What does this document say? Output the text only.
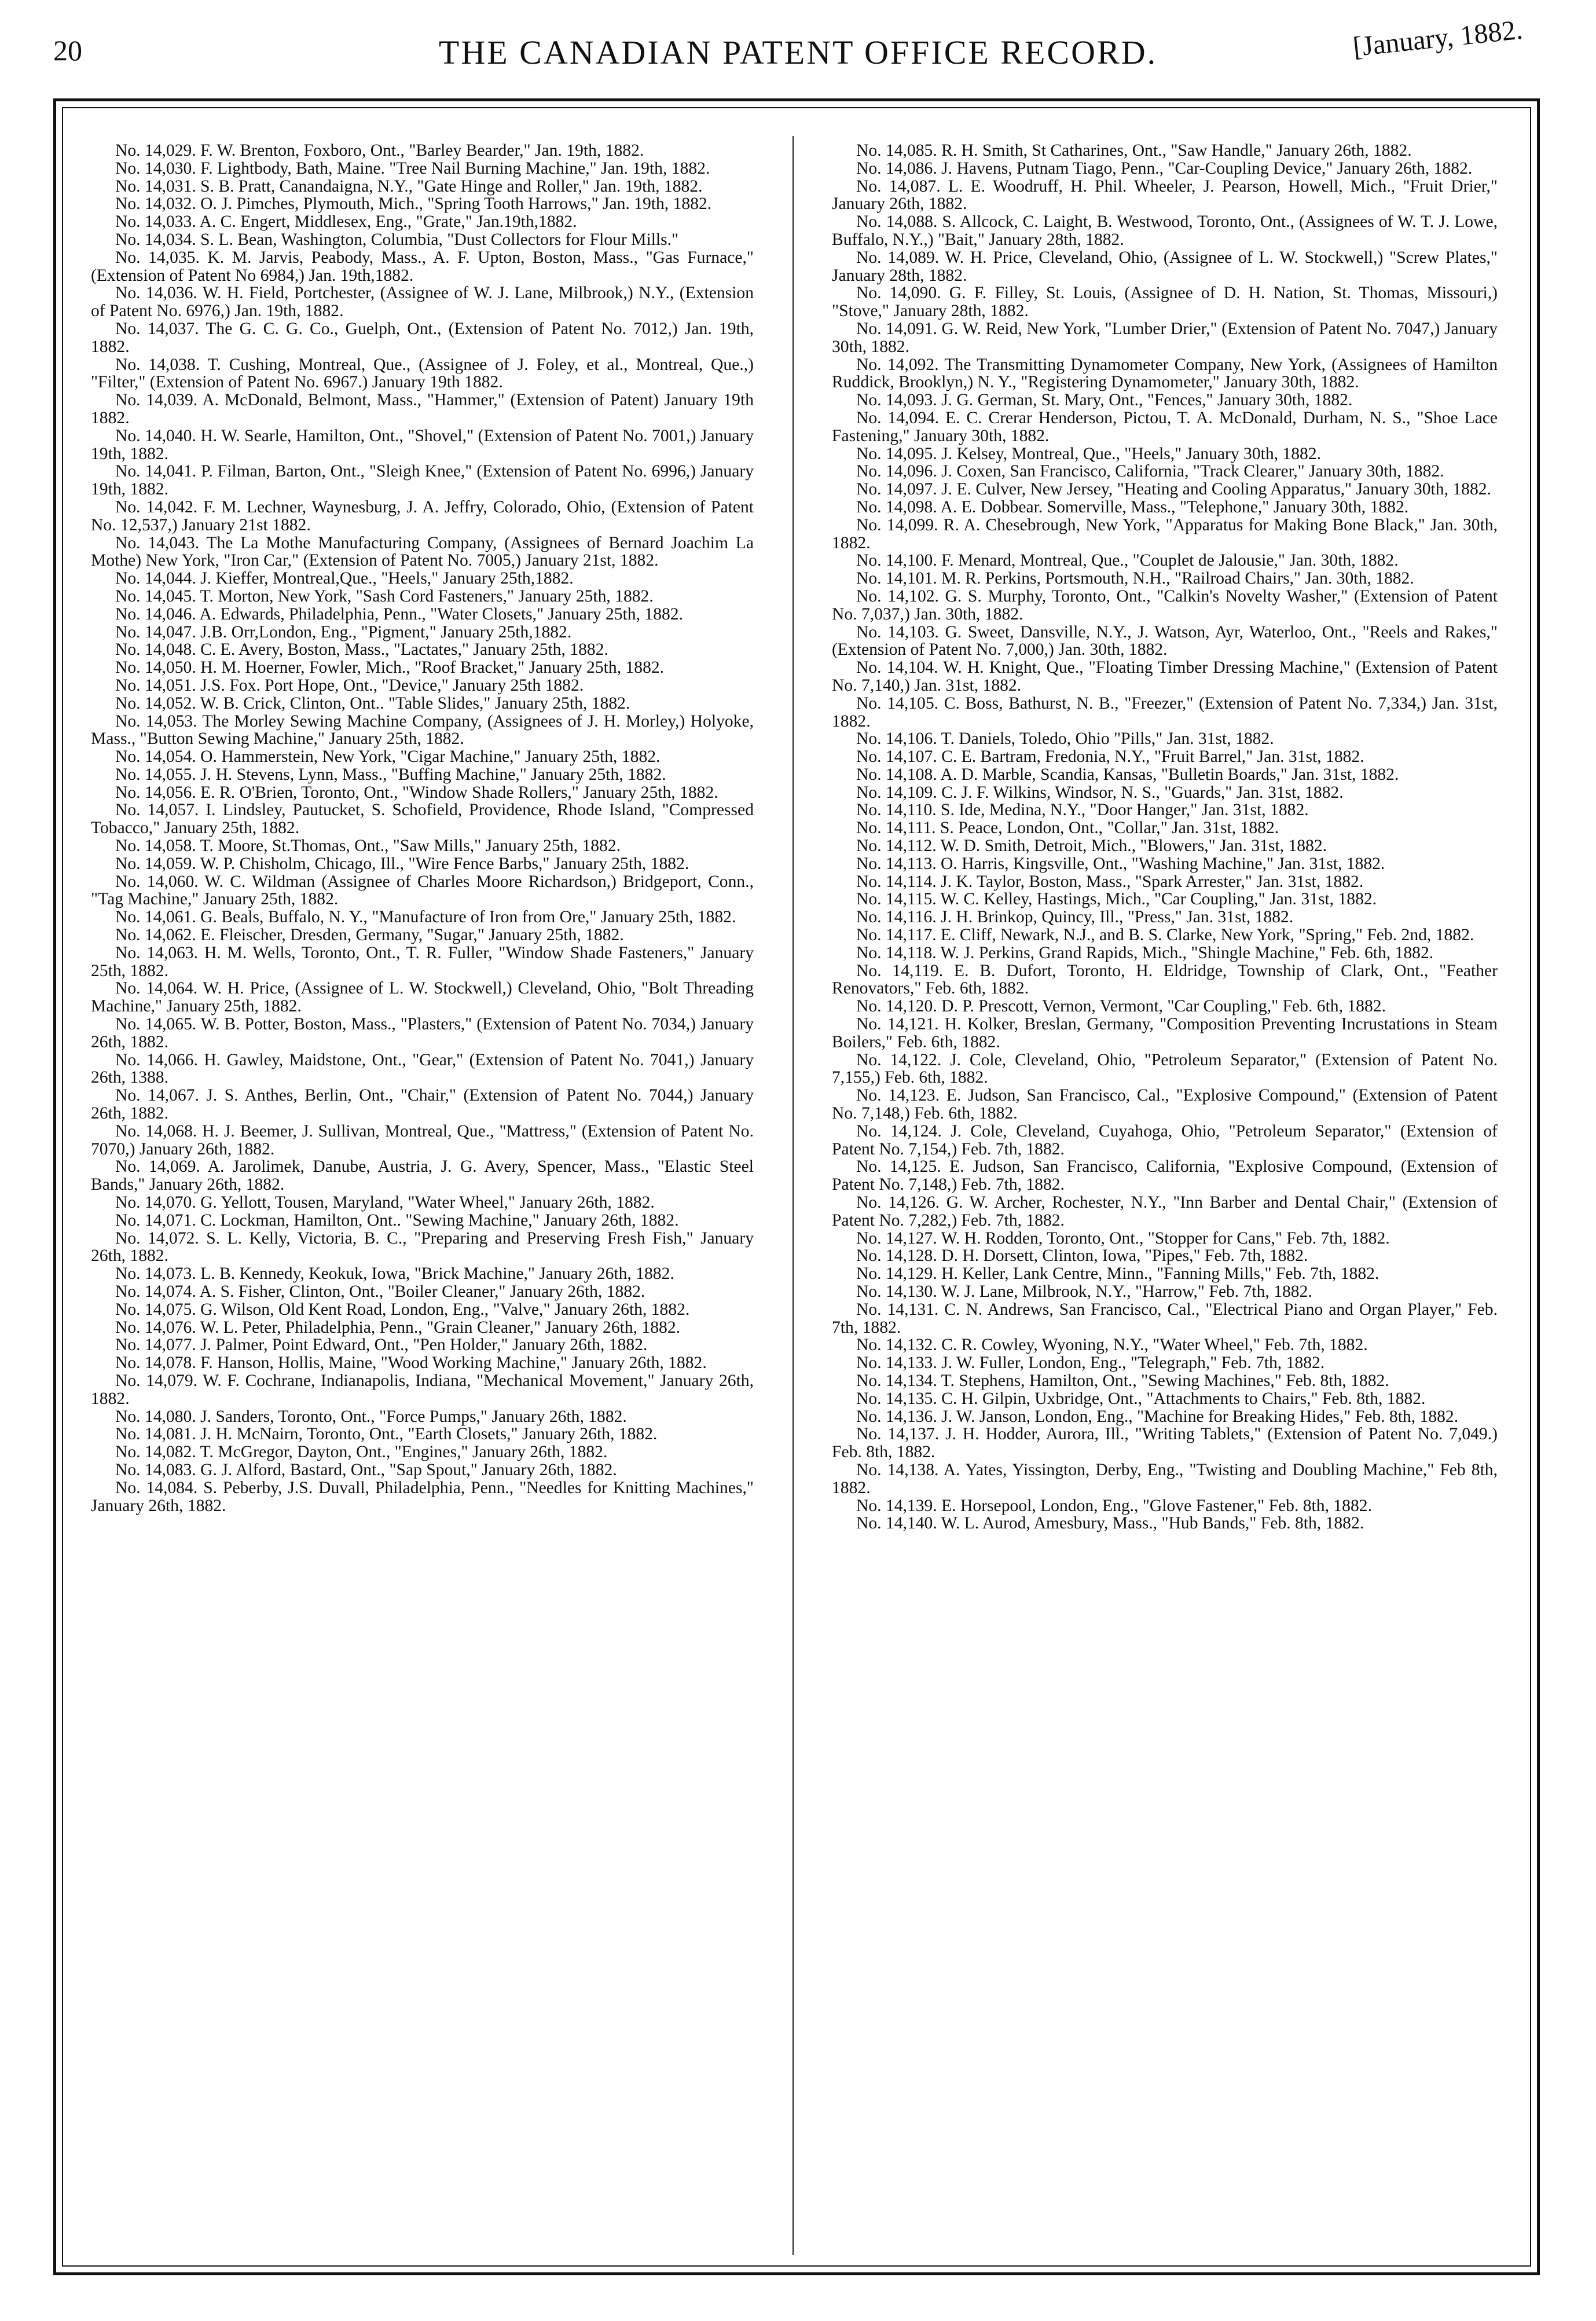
20	THE CANADIAN PATENT OFFICE RECORD.	[January, 1882.

No. 14,029. F. W. Brenton, Foxboro, Ont., "Barley Bearder," Jan. 19th, 1882.

No. 14,030. F. Lightbody, Bath, Maine. "Tree Nail Burning Machine," Jan. 19th, 1882.

No. 14,031. S. B. Pratt, Canandaigna, N.Y., "Gate Hinge and Roller," Jan. 19th, 1882.

No. 14,032. O. J. Pimches, Plymouth, Mich., "Spring Tooth Harrows," Jan. 19th, 1882.

No. 14,033. A. C. Engert, Middlesex, Eng., "Grate," Jan.19th,1882.

No. 14,034. S. L. Bean, Washington, Columbia, "Dust Collectors for Flour Mills."

No. 14,035. K. M. Jarvis, Peabody, Mass., A. F. Upton, Boston, Mass., "Gas Furnace," (Extension of Patent No 6984,) Jan. 19th,1882.

No. 14,036. W. H. Field, Portchester, (Assignee of W. J. Lane, Milbrook,) N.Y., (Extension of Patent No. 6976,) Jan. 19th, 1882.

No. 14,037. The G. C. G. Co., Guelph, Ont., (Extension of Patent No. 7012,) Jan. 19th, 1882.

No. 14,038. T. Cushing, Montreal, Que., (Assignee of J. Foley, et al., Montreal, Que.,) "Filter," (Extension of Patent No. 6967.) January 19th 1882.

No. 14,039. A. McDonald, Belmont, Mass., "Hammer," (Extension of Patent) January 19th 1882.

No. 14,040. H. W. Searle, Hamilton, Ont., "Shovel," (Extension of Patent No. 7001,) January 19th, 1882.

No. 14,041. P. Filman, Barton, Ont., "Sleigh Knee," (Extension of Patent No. 6996,) January 19th, 1882.

No. 14,042. F. M. Lechner, Waynesburg, J. A. Jeffry, Colorado, Ohio, (Extension of Patent No. 12,537,) January 21st 1882.

No. 14,043. The La Mothe Manufacturing Company, (Assignees of Bernard Joachim La Mothe) New York, "Iron Car," (Extension of Patent No. 7005,) January 21st, 1882.

No. 14,044. J. Kieffer, Montreal,Que., "Heels," January 25th,1882.

No. 14,045. T. Morton, New York, "Sash Cord Fasteners," January 25th, 1882.

No. 14,046. A. Edwards, Philadelphia, Penn., "Water Closets," January 25th, 1882.

No. 14,047. J.B. Orr,London, Eng., "Pigment," January 25th,1882.

No. 14,048. C. E. Avery, Boston, Mass., "Lactates," January 25th, 1882.

No. 14,050. H. M. Hoerner, Fowler, Mich., "Roof Bracket," January 25th, 1882.

No. 14,051. J.S. Fox. Port Hope, Ont., "Device," January 25th 1882.

No. 14,052. W. B. Crick, Clinton, Ont.. "Table Slides," January 25th, 1882.

No. 14,053. The Morley Sewing Machine Company, (Assignees of J. H. Morley,) Holyoke, Mass., "Button Sewing Machine," January 25th, 1882.

No. 14,054. O. Hammerstein, New York, "Cigar Machine," January 25th, 1882.

No. 14,055. J. H. Stevens, Lynn, Mass., "Buffing Machine," January 25th, 1882.

No. 14,056. E. R. O'Brien, Toronto, Ont., "Window Shade Rollers," January 25th, 1882.

No. 14,057. I. Lindsley, Pautucket, S. Schofield, Providence, Rhode Island, "Compressed Tobacco," January 25th, 1882.

No. 14,058. T. Moore, St.Thomas, Ont., "Saw Mills," January 25th, 1882.

No. 14,059. W. P. Chisholm, Chicago, Ill., "Wire Fence Barbs," January 25th, 1882.

No. 14,060. W. C. Wildman (Assignee of Charles Moore Richardson,) Bridgeport, Conn., "Tag Machine," January 25th, 1882.

No. 14,061. G. Beals, Buffalo, N. Y., "Manufacture of Iron from Ore," January 25th, 1882.

No. 14,062. E. Fleischer, Dresden, Germany, "Sugar," January 25th, 1882.

No. 14,063. H. M. Wells, Toronto, Ont., T. R. Fuller, "Window Shade Fasteners," January 25th, 1882.

No. 14,064. W. H. Price, (Assignee of L. W. Stockwell,) Cleveland, Ohio, "Bolt Threading Machine," January 25th, 1882.

No. 14,065. W. B. Potter, Boston, Mass., "Plasters," (Extension of Patent No. 7034,) January 26th, 1882.

No. 14,066. H. Gawley, Maidstone, Ont., "Gear," (Extension of Patent No. 7041,) January 26th, 1388.

No. 14,067. J. S. Anthes, Berlin, Ont., "Chair," (Extension of Patent No. 7044,) January 26th, 1882.

No. 14,068. H. J. Beemer, J. Sullivan, Montreal, Que., "Mattress," (Extension of Patent No. 7070,) January 26th, 1882.

No. 14,069. A. Jarolimek, Danube, Austria, J. G. Avery, Spencer, Mass., "Elastic Steel Bands," January 26th, 1882.

No. 14,070. G. Yellott, Tousen, Maryland, "Water Wheel," January 26th, 1882.

No. 14,071. C. Lockman, Hamilton, Ont.. "Sewing Machine," January 26th, 1882.

No. 14,072. S. L. Kelly, Victoria, B. C., "Preparing and Preserving Fresh Fish," January 26th, 1882.

No. 14,073. L. B. Kennedy, Keokuk, Iowa, "Brick Machine," January 26th, 1882.

No. 14,074. A. S. Fisher, Clinton, Ont., "Boiler Cleaner," January 26th, 1882.

No. 14,075. G. Wilson, Old Kent Road, London, Eng., "Valve," January 26th, 1882.

No. 14,076. W. L. Peter, Philadelphia, Penn., "Grain Cleaner," January 26th, 1882.

No. 14,077. J. Palmer, Point Edward, Ont., "Pen Holder," January 26th, 1882.

No. 14,078. F. Hanson, Hollis, Maine, "Wood Working Machine," January 26th, 1882.

No. 14,079. W. F. Cochrane, Indianapolis, Indiana, "Mechanical Movement," January 26th, 1882.

No. 14,080. J. Sanders, Toronto, Ont., "Force Pumps," January 26th, 1882.

No. 14,081. J. H. McNairn, Toronto, Ont., "Earth Closets," January 26th, 1882.

No. 14,082. T. McGregor, Dayton, Ont., "Engines," January 26th, 1882.

No. 14,083. G. J. Alford, Bastard, Ont., "Sap Spout," January 26th, 1882.

No. 14,084. S. Peberby, J.S. Duvall, Philadelphia, Penn., "Needles for Knitting Machines," January 26th, 1882.

No. 14,085. R. H. Smith, St Catharines, Ont., "Saw Handle," January 26th, 1882.

No. 14,086. J. Havens, Putnam Tiago, Penn., "Car-Coupling Device," January 26th, 1882.

No. 14,087. L. E. Woodruff, H. Phil. Wheeler, J. Pearson, Howell, Mich., "Fruit Drier," January 26th, 1882.

No. 14,088. S. Allcock, C. Laight, B. Westwood, Toronto, Ont., (Assignees of W. T. J. Lowe, Buffalo, N.Y.,) "Bait," January 28th, 1882.

No. 14,089. W. H. Price, Cleveland, Ohio, (Assignee of L. W. Stockwell,) "Screw Plates," January 28th, 1882.

No. 14,090. G. F. Filley, St. Louis, (Assignee of D. H. Nation, St. Thomas, Missouri,) "Stove," January 28th, 1882.

No. 14,091. G. W. Reid, New York, "Lumber Drier," (Extension of Patent No. 7047,) January 30th, 1882.

No. 14,092. The Transmitting Dynamometer Company, New York, (Assignees of Hamilton Ruddick, Brooklyn,) N. Y., "Registering Dynamometer," January 30th, 1882.

No. 14,093. J. G. German, St. Mary, Ont., "Fences," January 30th, 1882.

No. 14,094. E. C. Crerar Henderson, Pictou, T. A. McDonald, Durham, N. S., "Shoe Lace Fastening," January 30th, 1882.

No. 14,095. J. Kelsey, Montreal, Que., "Heels," January 30th, 1882.

No. 14,096. J. Coxen, San Francisco, California, "Track Clearer," January 30th, 1882.

No. 14,097. J. E. Culver, New Jersey, "Heating and Cooling Apparatus," January 30th, 1882.

No. 14,098. A. E. Dobbear. Somerville, Mass., "Telephone," January 30th, 1882.

No. 14,099. R. A. Chesebrough, New York, "Apparatus for Making Bone Black," Jan. 30th, 1882.

No. 14,100. F. Menard, Montreal, Que., "Couplet de Jalousie," Jan. 30th, 1882.

No. 14,101. M. R. Perkins, Portsmouth, N.H., "Railroad Chairs," Jan. 30th, 1882.

No. 14,102. G. S. Murphy, Toronto, Ont., "Calkin's Novelty Washer," (Extension of Patent No. 7,037,) Jan. 30th, 1882.

No. 14,103. G. Sweet, Dansville, N.Y., J. Watson, Ayr, Waterloo, Ont., "Reels and Rakes," (Extension of Patent No. 7,000,) Jan. 30th, 1882.

No. 14,104. W. H. Knight, Que., "Floating Timber Dressing Machine," (Extension of Patent No. 7,140,) Jan. 31st, 1882.

No. 14,105. C. Boss, Bathurst, N. B., "Freezer," (Extension of Patent No. 7,334,) Jan. 31st, 1882.

No. 14,106. T. Daniels, Toledo, Ohio "Pills," Jan. 31st, 1882.

No. 14,107. C. E. Bartram, Fredonia, N.Y., "Fruit Barrel," Jan. 31st, 1882.

No. 14,108. A. D. Marble, Scandia, Kansas, "Bulletin Boards," Jan. 31st, 1882.

No. 14,109. C. J. F. Wilkins, Windsor, N. S., "Guards," Jan. 31st, 1882.

No. 14,110. S. Ide, Medina, N.Y., "Door Hanger," Jan. 31st, 1882.

No. 14,111. S. Peace, London, Ont., "Collar," Jan. 31st, 1882.

No. 14,112. W. D. Smith, Detroit, Mich., "Blowers," Jan. 31st, 1882.

No. 14,113. O. Harris, Kingsville, Ont., "Washing Machine," Jan. 31st, 1882.

No. 14,114. J. K. Taylor, Boston, Mass., "Spark Arrester," Jan. 31st, 1882.

No. 14,115. W. C. Kelley, Hastings, Mich., "Car Coupling," Jan. 31st, 1882.

No. 14,116. J. H. Brinkop, Quincy, Ill., "Press," Jan. 31st, 1882.

No. 14,117. E. Cliff, Newark, N.J., and B. S. Clarke, New York, "Spring," Feb. 2nd, 1882.

No. 14,118. W. J. Perkins, Grand Rapids, Mich., "Shingle Machine," Feb. 6th, 1882.

No. 14,119. E. B. Dufort, Toronto, H. Eldridge, Township of Clark, Ont., "Feather Renovators," Feb. 6th, 1882.

No. 14,120. D. P. Prescott, Vernon, Vermont, "Car Coupling," Feb. 6th, 1882.

No. 14,121. H. Kolker, Breslan, Germany, "Composition Preventing Incrustations in Steam Boilers," Feb. 6th, 1882.

No. 14,122. J. Cole, Cleveland, Ohio, "Petroleum Separator," (Extension of Patent No. 7,155,) Feb. 6th, 1882.

No. 14,123. E. Judson, San Francisco, Cal., "Explosive Compound," (Extension of Patent No. 7,148,) Feb. 6th, 1882.

No. 14,124. J. Cole, Cleveland, Cuyahoga, Ohio, "Petroleum Separator," (Extension of Patent No. 7,154,) Feb. 7th, 1882.

No. 14,125. E. Judson, San Francisco, California, "Explosive Compound, (Extension of Patent No. 7,148,) Feb. 7th, 1882.

No. 14,126. G. W. Archer, Rochester, N.Y., "Inn Barber and Dental Chair," (Extension of Patent No. 7,282,) Feb. 7th, 1882.

No. 14,127. W. H. Rodden, Toronto, Ont., "Stopper for Cans," Feb. 7th, 1882.

No. 14,128. D. H. Dorsett, Clinton, Iowa, "Pipes," Feb. 7th, 1882.

No. 14,129. H. Keller, Lank Centre, Minn., "Fanning Mills," Feb. 7th, 1882.

No. 14,130. W. J. Lane, Milbrook, N.Y., "Harrow," Feb. 7th, 1882.

No. 14,131. C. N. Andrews, San Francisco, Cal., "Electrical Piano and Organ Player," Feb. 7th, 1882.

No. 14,132. C. R. Cowley, Wyoning, N.Y., "Water Wheel," Feb. 7th, 1882.

No. 14,133. J. W. Fuller, London, Eng., "Telegraph," Feb. 7th, 1882.

No. 14,134. T. Stephens, Hamilton, Ont., "Sewing Machines," Feb. 8th, 1882.

No. 14,135. C. H. Gilpin, Uxbridge, Ont., "Attachments to Chairs," Feb. 8th, 1882.

No. 14,136. J. W. Janson, London, Eng., "Machine for Breaking Hides," Feb. 8th, 1882.

No. 14,137. J. H. Hodder, Aurora, Ill., "Writing Tablets," (Extension of Patent No. 7,049.) Feb. 8th, 1882.

No. 14,138. A. Yates, Yissington, Derby, Eng., "Twisting and Doubling Machine," Feb 8th, 1882.

No. 14,139. E. Horsepool, London, Eng., "Glove Fastener," Feb. 8th, 1882.

No. 14,140. W. L. Aurod, Amesbury, Mass., "Hub Bands," Feb. 8th, 1882.
